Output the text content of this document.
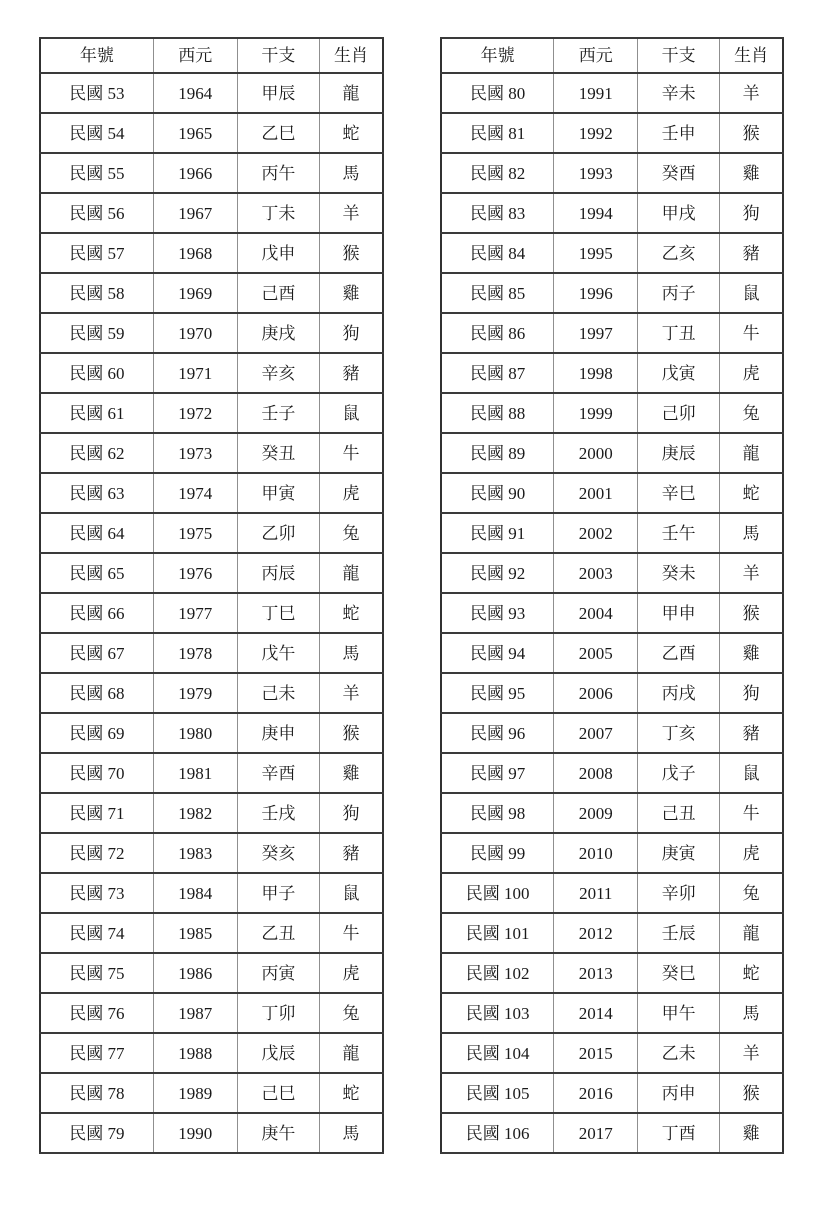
年號	西元	干支	生肖
民國 53	1964	甲辰	龍
民國 54	1965	乙巳	蛇
民國 55	1966	丙午	馬
民國 56	1967	丁未	羊
民國 57	1968	戊申	猴
民國 58	1969	己酉	雞
民國 59	1970	庚戌	狗
民國 60	1971	辛亥	豬
民國 61	1972	壬子	鼠
民國 62	1973	癸丑	牛
民國 63	1974	甲寅	虎
民國 64	1975	乙卯	兔
民國 65	1976	丙辰	龍
民國 66	1977	丁巳	蛇
民國 67	1978	戊午	馬
民國 68	1979	己未	羊
民國 69	1980	庚申	猴
民國 70	1981	辛酉	雞
民國 71	1982	壬戌	狗
民國 72	1983	癸亥	豬
民國 73	1984	甲子	鼠
民國 74	1985	乙丑	牛
民國 75	1986	丙寅	虎
民國 76	1987	丁卯	兔
民國 77	1988	戊辰	龍
民國 78	1989	己巳	蛇
民國 79	1990	庚午	馬
年號	西元	干支	生肖
民國 80	1991	辛未	羊
民國 81	1992	壬申	猴
民國 82	1993	癸酉	雞
民國 83	1994	甲戌	狗
民國 84	1995	乙亥	豬
民國 85	1996	丙子	鼠
民國 86	1997	丁丑	牛
民國 87	1998	戊寅	虎
民國 88	1999	己卯	兔
民國 89	2000	庚辰	龍
民國 90	2001	辛巳	蛇
民國 91	2002	壬午	馬
民國 92	2003	癸未	羊
民國 93	2004	甲申	猴
民國 94	2005	乙酉	雞
民國 95	2006	丙戌	狗
民國 96	2007	丁亥	豬
民國 97	2008	戊子	鼠
民國 98	2009	己丑	牛
民國 99	2010	庚寅	虎
民國 100	2011	辛卯	兔
民國 101	2012	壬辰	龍
民國 102	2013	癸巳	蛇
民國 103	2014	甲午	馬
民國 104	2015	乙未	羊
民國 105	2016	丙申	猴
民國 106	2017	丁酉	雞
